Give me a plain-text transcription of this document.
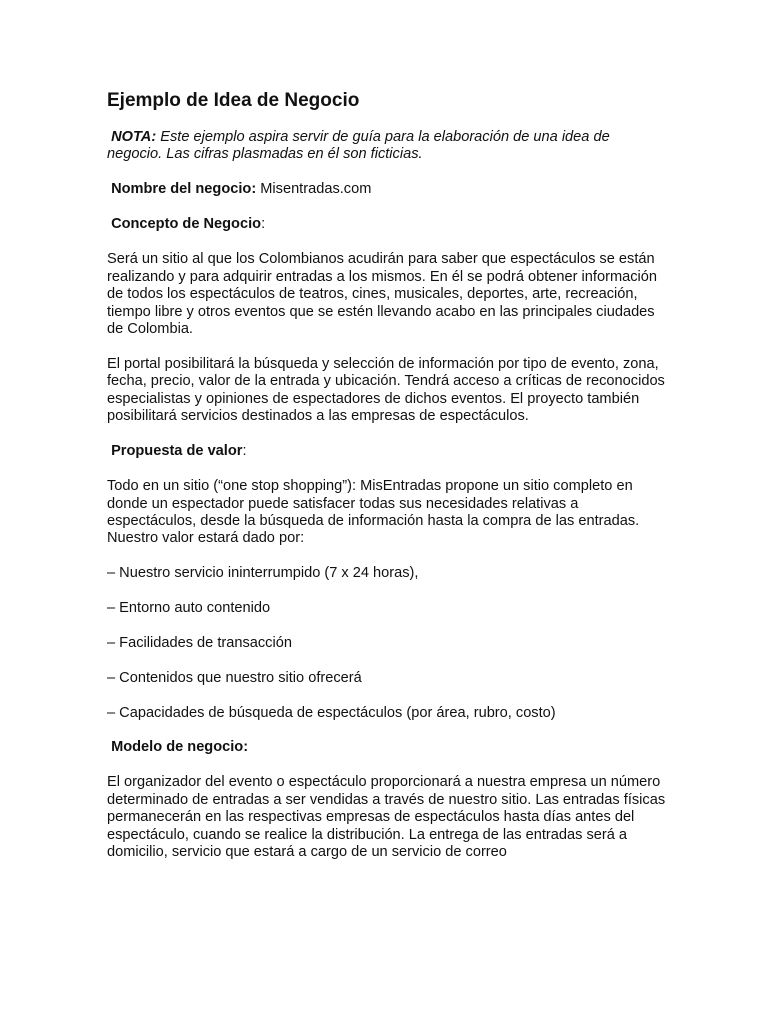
Ejemplo de Idea de Negocio

NOTA: Este ejemplo aspira servir de guía para la elaboración de una idea de negocio. Las cifras plasmadas en él son ficticias.

Nombre del negocio: Misentradas.com

Concepto de Negocio:

Será un sitio al que los Colombianos acudirán para saber que espectáculos se están realizando y para adquirir entradas a los mismos. En él se podrá obtener información de todos los espectáculos de teatros, cines, musicales, deportes, arte, recreación, tiempo libre y otros eventos que se estén llevando acabo en las principales ciudades de Colombia.

El portal posibilitará la búsqueda y selección de información por tipo de evento, zona, fecha, precio, valor de la entrada y ubicación. Tendrá acceso a críticas de reconocidos especialistas y opiniones de espectadores de dichos eventos. El proyecto también posibilitará servicios destinados a las empresas de espectáculos.

Propuesta de valor:

Todo en un sitio (“one stop shopping”): MisEntradas propone un sitio completo en donde un espectador puede satisfacer todas sus necesidades relativas a espectáculos, desde la búsqueda de información hasta la compra de las entradas. Nuestro valor estará dado por:

– Nuestro servicio ininterrumpido (7 x 24 horas),

– Entorno auto contenido

– Facilidades de transacción

– Contenidos que nuestro sitio ofrecerá

– Capacidades de búsqueda de espectáculos (por área, rubro, costo)

Modelo de negocio:

El organizador del evento o espectáculo proporcionará a nuestra empresa un número determinado de entradas a ser vendidas a través de nuestro sitio. Las entradas físicas permanecerán en las respectivas empresas de espectáculos hasta días antes del espectáculo, cuando se realice la distribución. La entrega de las entradas será a domicilio, servicio que estará a cargo de un servicio de correo
